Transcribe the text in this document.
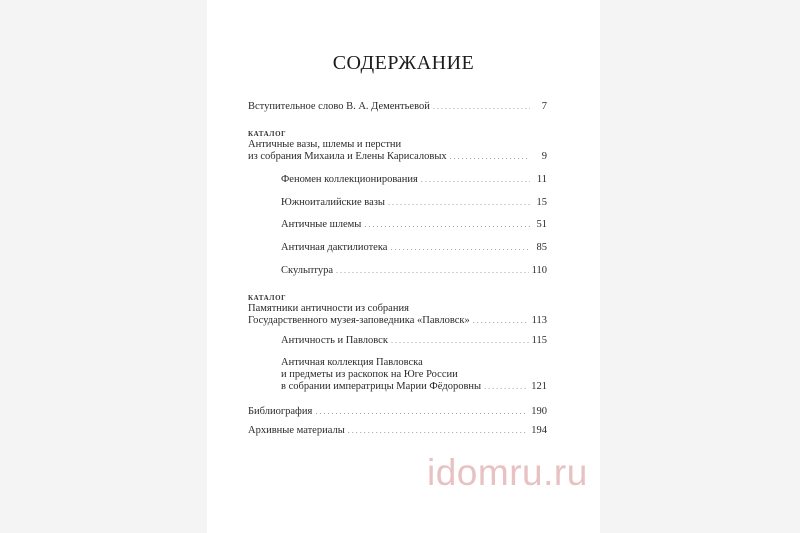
СОДЕРЖАНИЕ
Вступительное слово В. А. Дементьевой .....	7
КАТАЛОГ
Античные вазы, шлемы и перстни
из собрания Михаила и Елены Карисаловых .....	9
Феномен коллекционирования .....	11
Южноиталийские вазы .....	15
Античные шлемы .....	51
Античная дактилиотека .....	85
Скульптура .....	110
КАТАЛОГ
Памятники античности из собрания
Государственного музея-заповедника «Павловск» .....	113
Античность и Павловск .....	115
Античная коллекция Павловска
и предметы из раскопок на Юге России
в собрании императрицы Марии Фёдоровны .....	121
Библиография .....	190
Архивные материалы .....	194
idomru.ru
